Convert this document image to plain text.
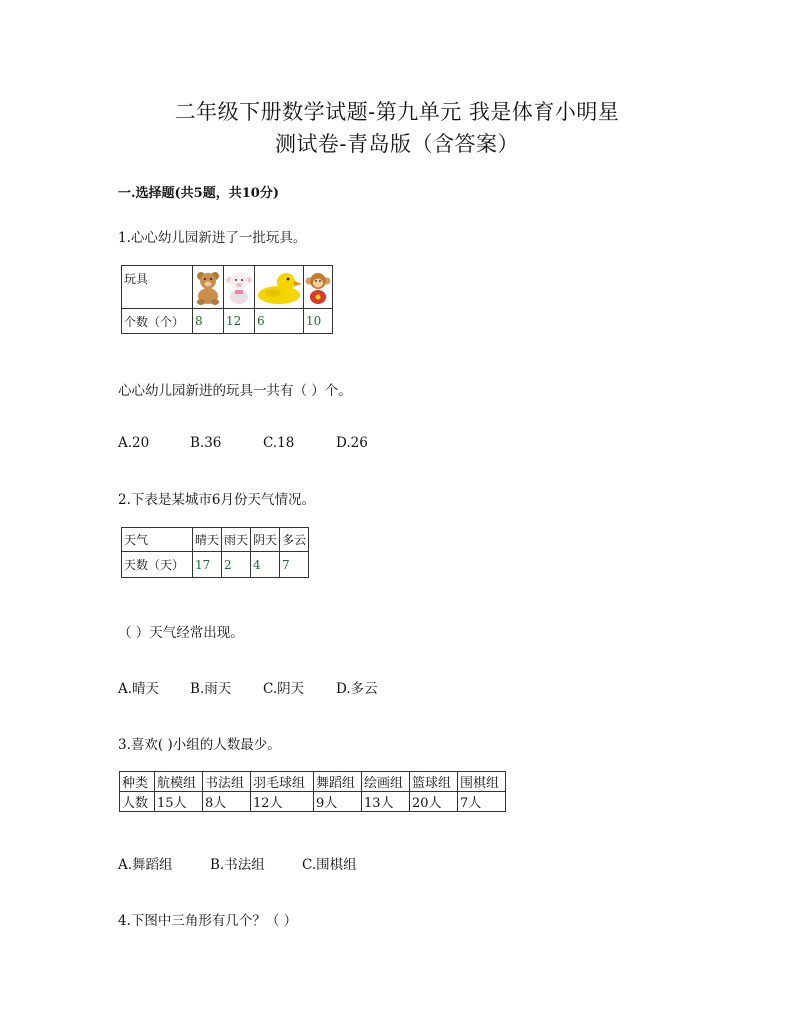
二年级下册数学试题-第九单元 我是体育小明星
测试卷-青岛版（含答案）
一.选择题(共5题，共10分)
1.心心幼儿园新进了一批玩具。
玩具	

个数（个）	8	12	6	10
心心幼儿园新进的玩具一共有（ ）个。
A.20	B.36	C.18	D.26
2.下表是某城市6月份天气情况。
天气	晴天	雨天	阴天	多云
天数（天）	17	2	4	7
（ ）天气经常出现。
A.晴天 B.雨天 C.阴天 D.多云
3.喜欢( )小组的人数最少。
种类	航模组	书法组	羽毛球组	舞蹈组	绘画组	篮球组	围棋组
人数	15人	8人	12人	9人	13人	20人	7人
A.舞蹈组	B.书法组	C.围棋组
4.下图中三角形有几个？（ ）
